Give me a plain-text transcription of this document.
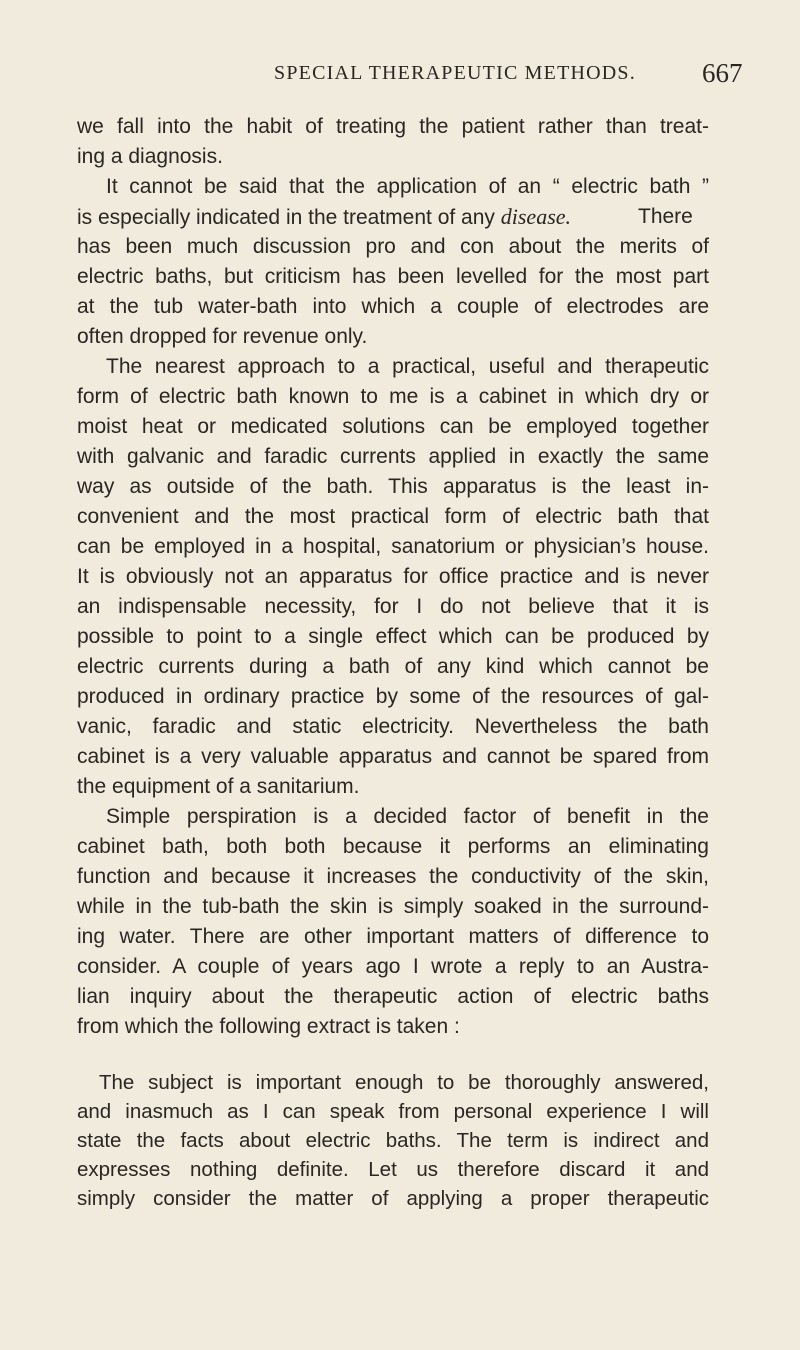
SPECIAL THERAPEUTIC METHODS. 667
we fall into the habit of treating the patient rather than treat-
ing a diagnosis.
It cannot be said that the application of an “ electric bath ”
is especially indicated in the treatment of any disease.	There
has been much discussion pro and con about the merits of
electric baths, but criticism has been levelled for the most part
at the tub water-bath into which a couple of electrodes are
often dropped for revenue only.
The nearest approach to a practical, useful and therapeutic
form of electric bath known to me is a cabinet in which dry or
moist heat or medicated solutions can be employed together
with galvanic and faradic currents applied in exactly the same
way as outside of the bath. This apparatus is the least in-
convenient and the most practical form of electric bath that
can be employed in a hospital, sanatorium or physician’s house.
It is obviously not an apparatus for office practice and is never
an indispensable necessity, for I do not believe that it is
possible to point to a single effect which can be produced by
electric currents during a bath of any kind which cannot be
produced in ordinary practice by some of the resources of gal-
vanic, faradic and static electricity. Nevertheless the bath
cabinet is a very valuable apparatus and cannot be spared from
the equipment of a sanitarium.
Simple perspiration is a decided factor of benefit in the
cabinet bath, both both because it performs an eliminating
function and because it increases the conductivity of the skin,
while in the tub-bath the skin is simply soaked in the surround-
ing water. There are other important matters of difference to
consider. A couple of years ago I wrote a reply to an Austra-
lian inquiry about the therapeutic action of electric baths
from which the following extract is taken :
The subject is important enough to be thoroughly answered,
and inasmuch as I can speak from personal experience I will
state the facts about electric baths. The term is indirect and
expresses nothing definite. Let us therefore discard it and
simply consider the matter of applying a proper therapeutic
